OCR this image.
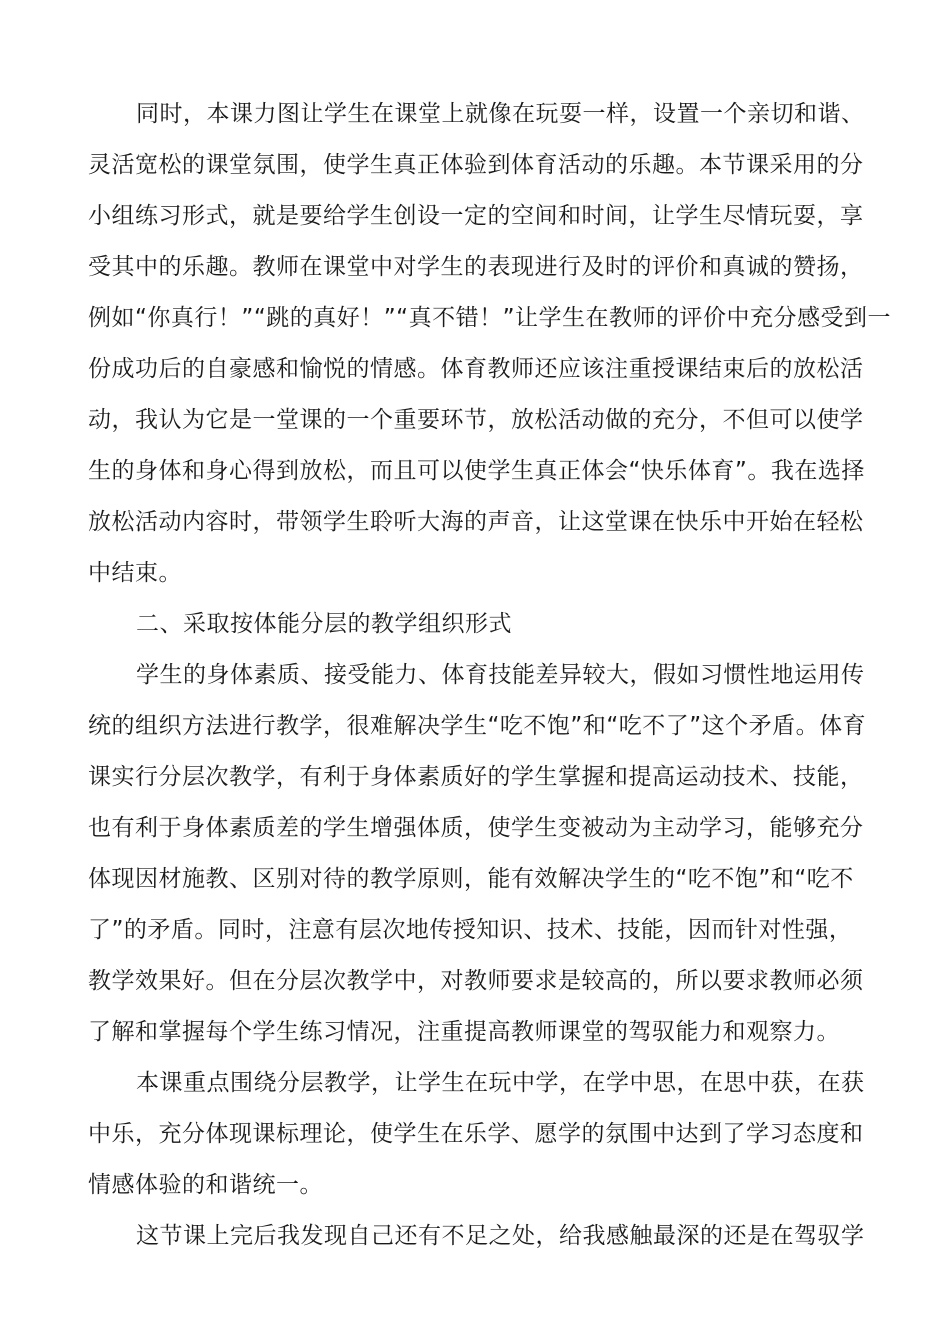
同时，本课力图让学生在课堂上就像在玩耍一样，设置一个亲切和谐、
灵活宽松的课堂氛围，使学生真正体验到体育活动的乐趣。本节课采用的分
小组练习形式，就是要给学生创设一定的空间和时间，让学生尽情玩耍，享
受其中的乐趣。教师在课堂中对学生的表现进行及时的评价和真诚的赞扬，
例如“你真行！”“跳的真好！”“真不错！”让学生在教师的评价中充分感受到一
份成功后的自豪感和愉悦的情感。体育教师还应该注重授课结束后的放松活
动，我认为它是一堂课的一个重要环节，放松活动做的充分，不但可以使学
生的身体和身心得到放松，而且可以使学生真正体会“快乐体育”。我在选择
放松活动内容时，带领学生聆听大海的声音，让这堂课在快乐中开始在轻松
中结束。
二、采取按体能分层的教学组织形式
学生的身体素质、接受能力、体育技能差异较大，假如习惯性地运用传
统的组织方法进行教学，很难解决学生“吃不饱”和“吃不了”这个矛盾。体育
课实行分层次教学，有利于身体素质好的学生掌握和提高运动技术、技能，
也有利于身体素质差的学生增强体质，使学生变被动为主动学习，能够充分
体现因材施教、区别对待的教学原则，能有效解决学生的“吃不饱”和“吃不
了”的矛盾。同时，注意有层次地传授知识、技术、技能，因而针对性强，
教学效果好。但在分层次教学中，对教师要求是较高的，所以要求教师必须
了解和掌握每个学生练习情况，注重提高教师课堂的驾驭能力和观察力。
本课重点围绕分层教学，让学生在玩中学，在学中思，在思中获，在获
中乐，充分体现课标理论，使学生在乐学、愿学的氛围中达到了学习态度和
情感体验的和谐统一。
这节课上完后我发现自己还有不足之处，给我感触最深的还是在驾驭学
